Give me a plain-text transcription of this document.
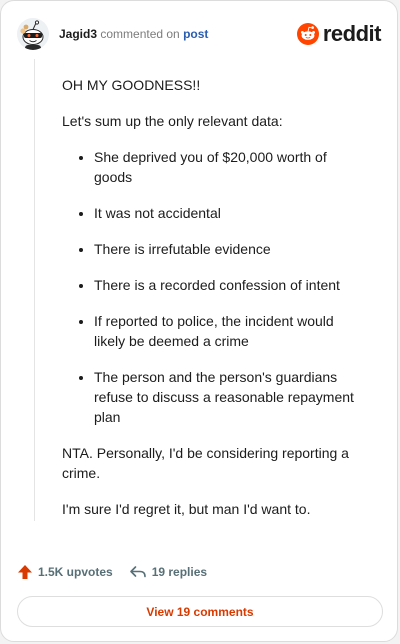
Jagid3 commented on post	reddit

OH MY GOODNESS!!

Let's sum up the only relevant data:

• She deprived you of $20,000 worth of goods
• It was not accidental
• There is irrefutable evidence
• There is a recorded confession of intent
• If reported to police, the incident would likely be deemed a crime
• The person and the person's guardians refuse to discuss a reasonable repayment plan

NTA. Personally, I'd be considering reporting a crime.

I'm sure I'd regret it, but man I'd want to.

1.5K upvotes	19 replies
View 19 comments
